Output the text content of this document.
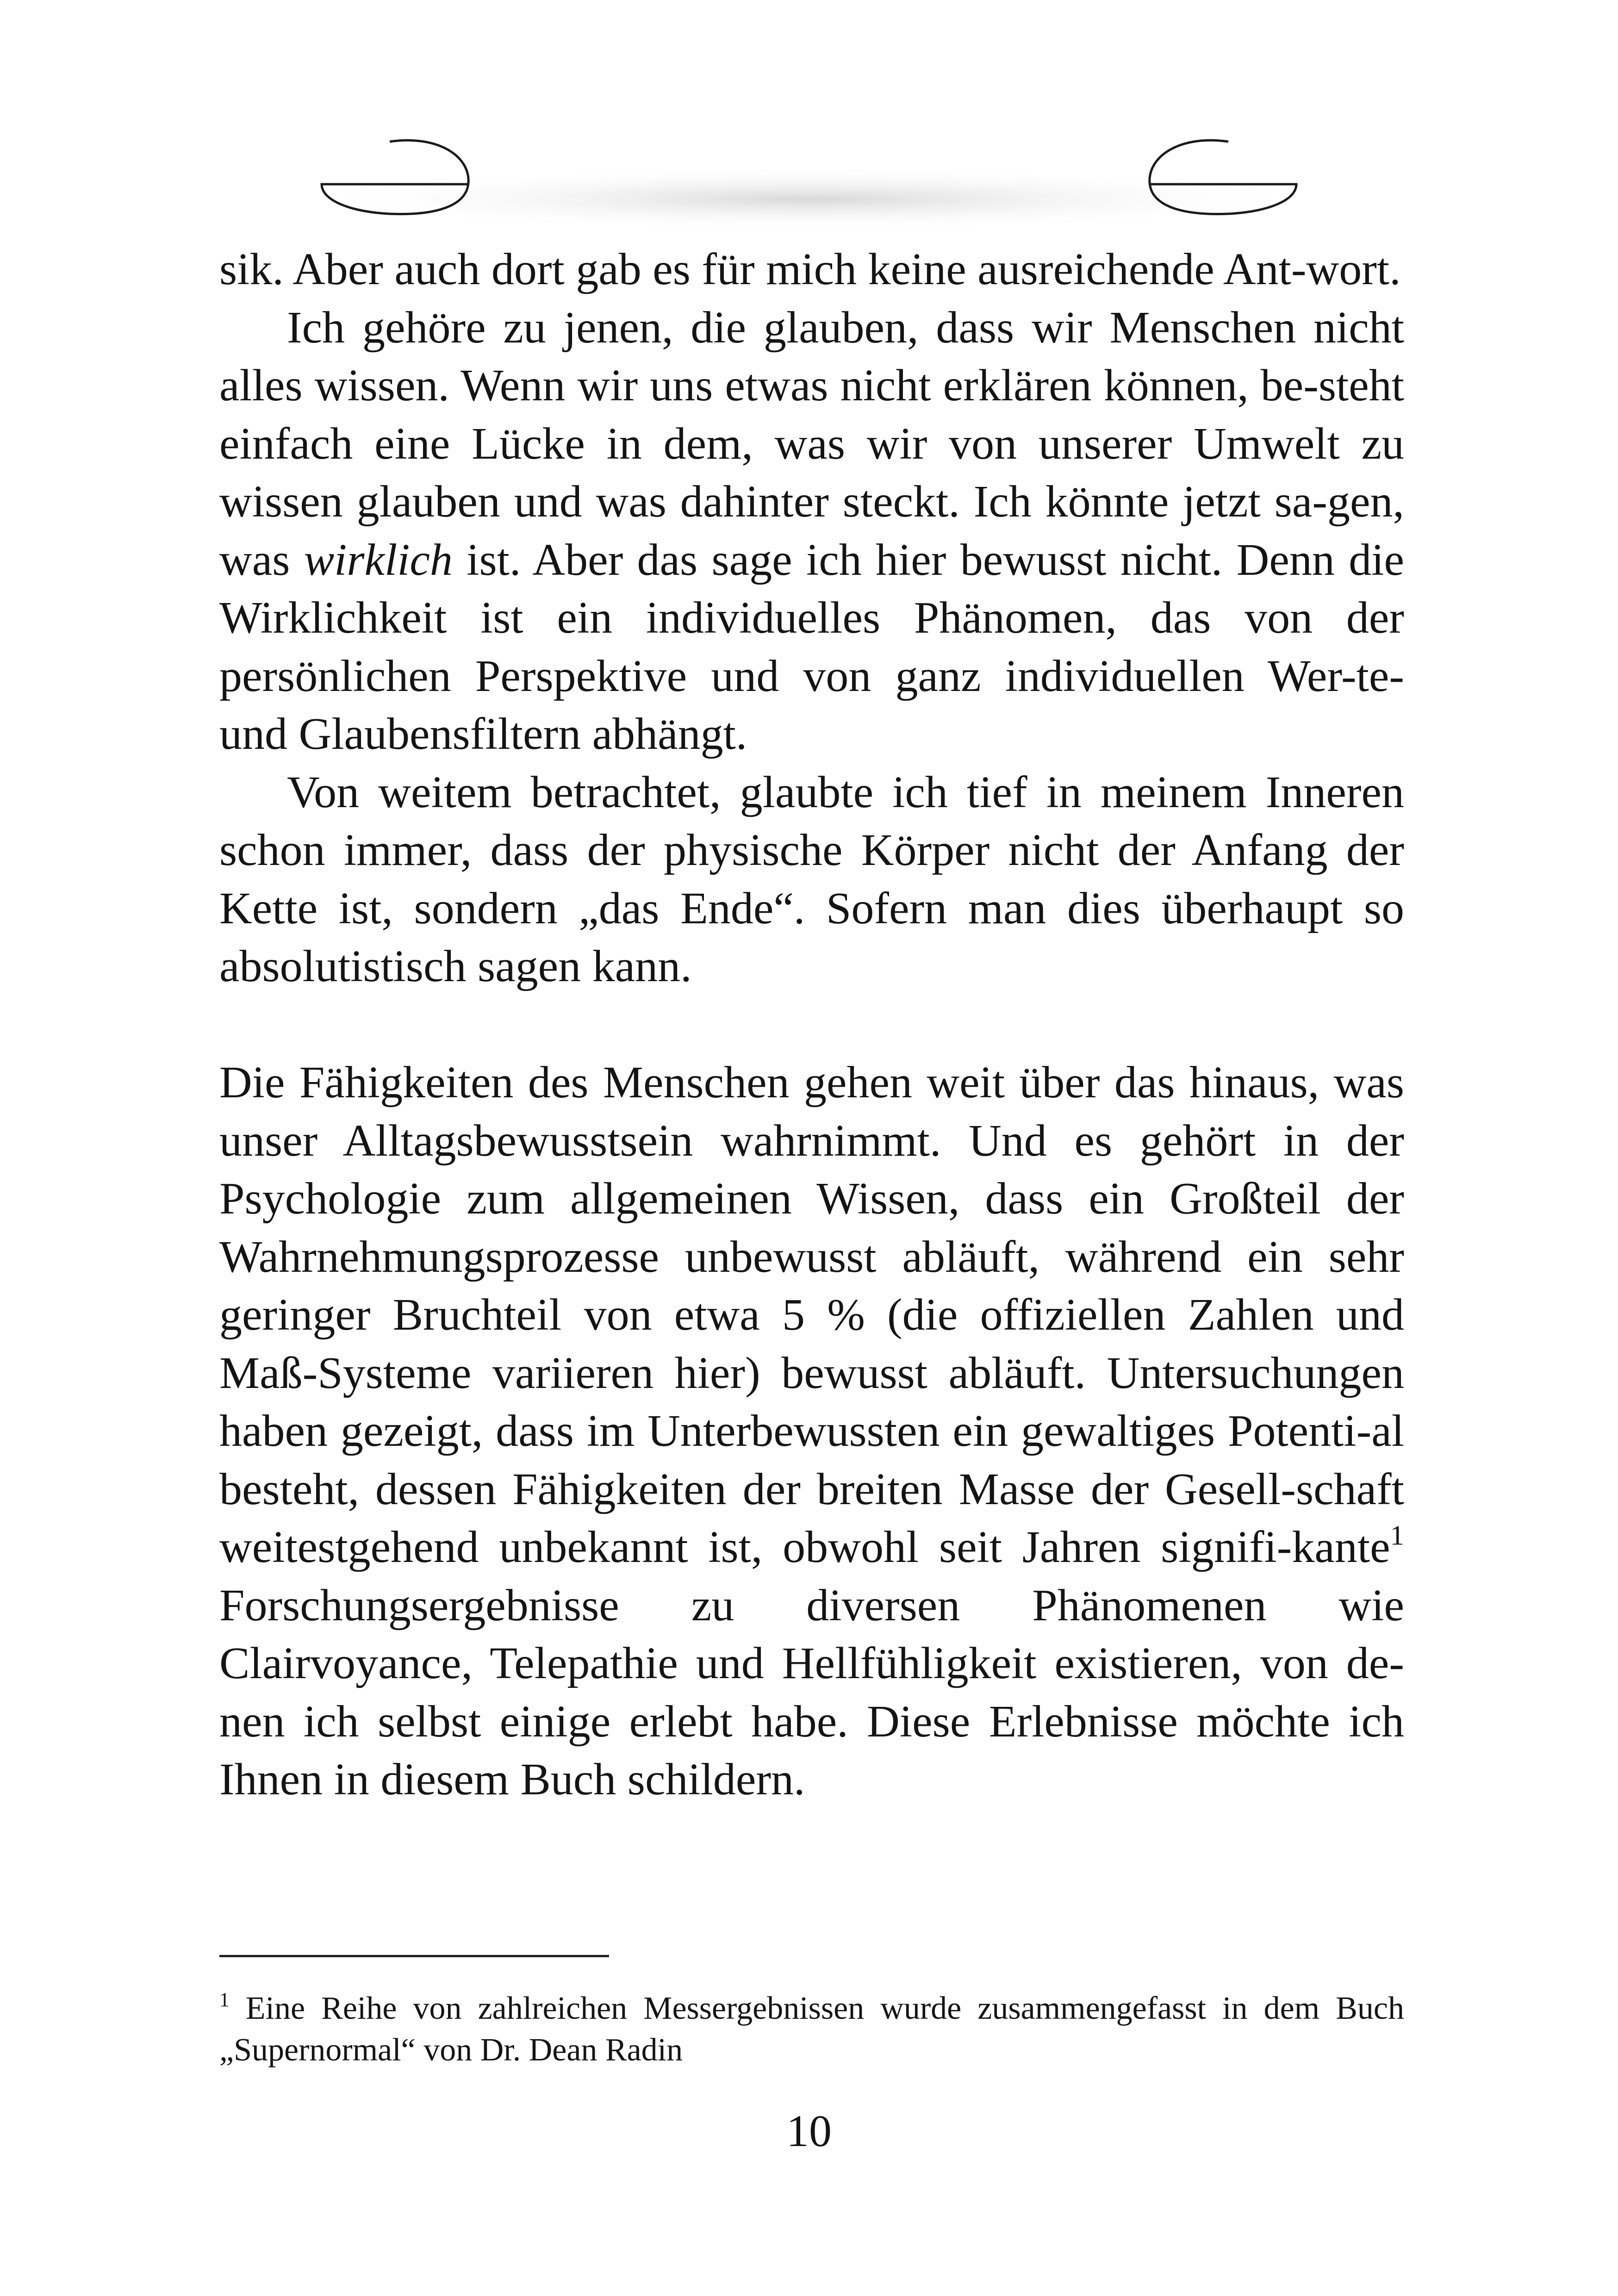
sik. Aber auch dort gab es für mich keine ausreichende Ant-wort.

Ich gehöre zu jenen, die glauben, dass wir Menschen nicht alles wissen. Wenn wir uns etwas nicht erklären können, be-steht einfach eine Lücke in dem, was wir von unserer Umwelt zu wissen glauben und was dahinter steckt. Ich könnte jetzt sa-gen, was wirklich ist. Aber das sage ich hier bewusst nicht. Denn die Wirklichkeit ist ein individuelles Phänomen, das von der persönlichen Perspektive und von ganz individuellen Wer-te- und Glaubensfiltern abhängt.

Von weitem betrachtet, glaubte ich tief in meinem Inneren schon immer, dass der physische Körper nicht der Anfang der Kette ist, sondern „das Ende“. Sofern man dies überhaupt so absolutistisch sagen kann.

Die Fähigkeiten des Menschen gehen weit über das hinaus, was unser Alltagsbewusstsein wahrnimmt. Und es gehört in der Psychologie zum allgemeinen Wissen, dass ein Großteil der Wahrnehmungsprozesse unbewusst abläuft, während ein sehr geringer Bruchteil von etwa 5 % (die offiziellen Zahlen und Maß-Systeme variieren hier) bewusst abläuft. Untersuchungen haben gezeigt, dass im Unterbewussten ein gewaltiges Potenti-al besteht, dessen Fähigkeiten der breiten Masse der Gesell-schaft weitestgehend unbekannt ist, obwohl seit Jahren signifi-kante$^1$ Forschungsergebnisse zu diversen Phänomenen wie Clairvoyance, Telepathie und Hellfühligkeit existieren, von de-nen ich selbst einige erlebt habe. Diese Erlebnisse möchte ich Ihnen in diesem Buch schildern.

$^1$ Eine Reihe von zahlreichen Messergebnissen wurde zusammengefasst in dem Buch „Supernormal“ von Dr. Dean Radin
10
